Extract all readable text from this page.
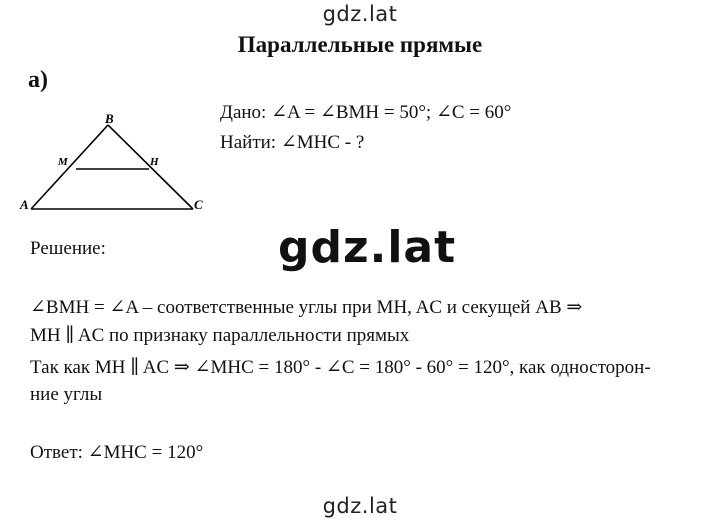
gdz.lat
Параллельные прямые
а)
B
M	H
A	C
Дано: ∠A = ∠BMH = 50°; ∠C = 60°
Найти: ∠MHC - ?
Решение:	gdz.lat
∠BMH = ∠A – соответственные углы при MH, AC и секущей AB ⇒
MH ∥ AC по признаку параллельности прямых
Так как MH ∥ AC ⇒ ∠MHC = 180° - ∠C = 180° - 60° = 120°, как односторон-
ние углы
Ответ: ∠MHC = 120°
gdz.lat
